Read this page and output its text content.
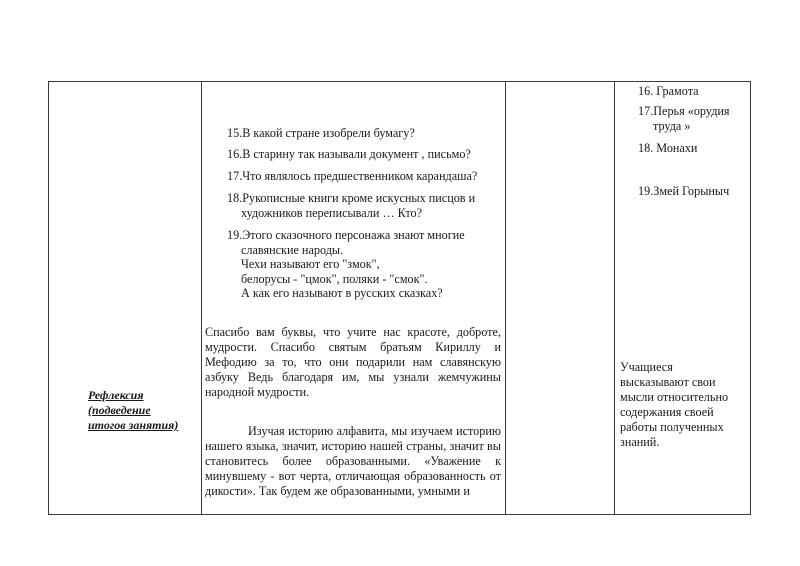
Рефлексия
(подведение
итогов занятия)
15.В какой стране изобрели бумагу?
16.В старину так называли документ , письмо?
17.Что являлось предшественником карандаша?
18.Рукописные книги кроме искусных писцов и
художников переписывали … Кто?
19.Этого сказочного персонажа знают многие
славянские народы.
Чехи называют его "змок",
белорусы - "цмок", поляки - "смок".
А как его называют в русских сказках?
Спасибо вам буквы, что учите нас красоте, доброте, мудрости. Спасибо святым братьям Кириллу и Мефодию за то, что они подарили нам славянскую азбуку Ведь благодаря им, мы узнали жемчужины народной мудрости.
Изучая историю алфавита, мы изучаем историю нашего языка, значит, историю нашей страны, значит вы становитесь более образованными. «Уважение к минувшему - вот черта, отличающая образованность от дикости». Так будем же образованными, умными и
16. Грамота
17.Перья «орудия
труда »
18. Монахи
19.Змей Горыныч
Учащиеся
высказывают свои
мысли относительно
содержания своей
работы полученных
знаний.
